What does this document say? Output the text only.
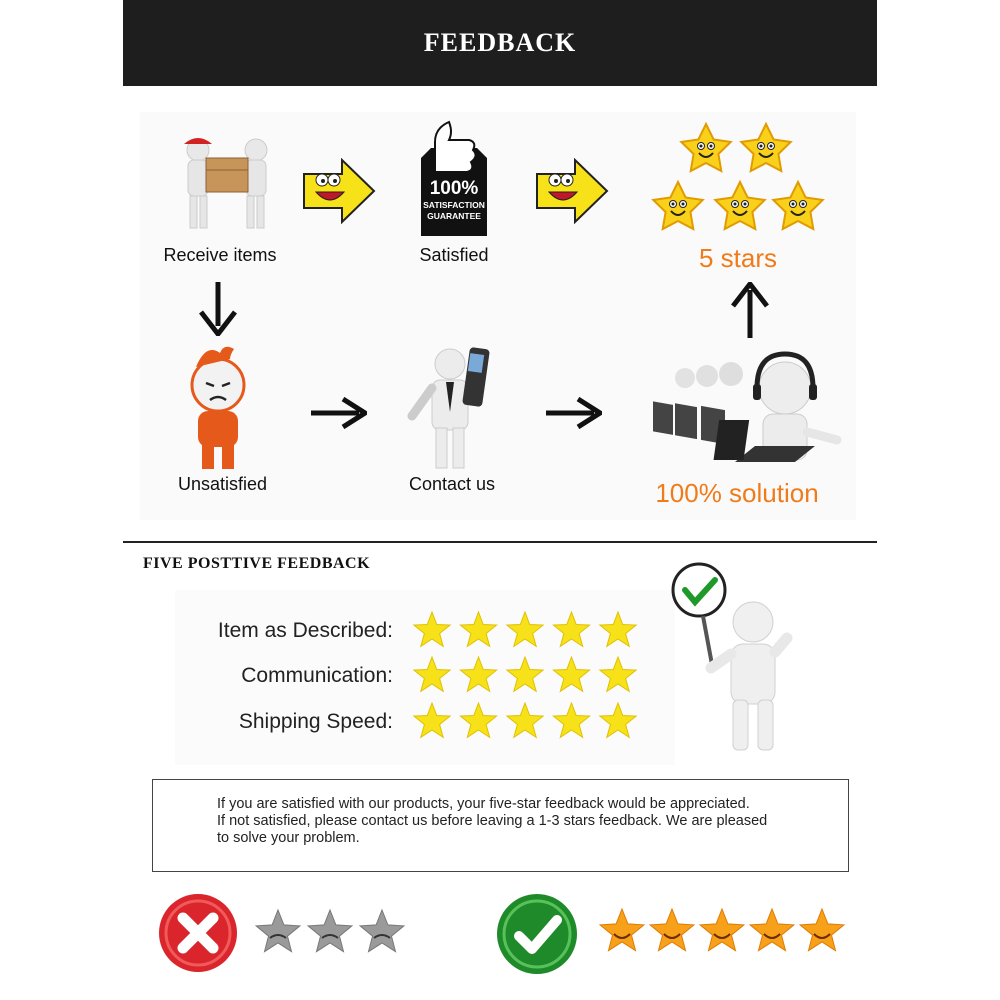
FEEDBACK
Receive items
100%
SATISFACTION
GUARANTEE
Satisfied	5 stars
Unsatisfied	Contact us	100% solution
FIVE POSTTIVE FEEDBACK
Item as Described:
Communication:
Shipping Speed:

If you are satisfied with our products, your five-star feedback would be appreciated.

If not satisfied, please contact us before leaving a 1-3 stars feedback. We are pleased

to solve your problem.
